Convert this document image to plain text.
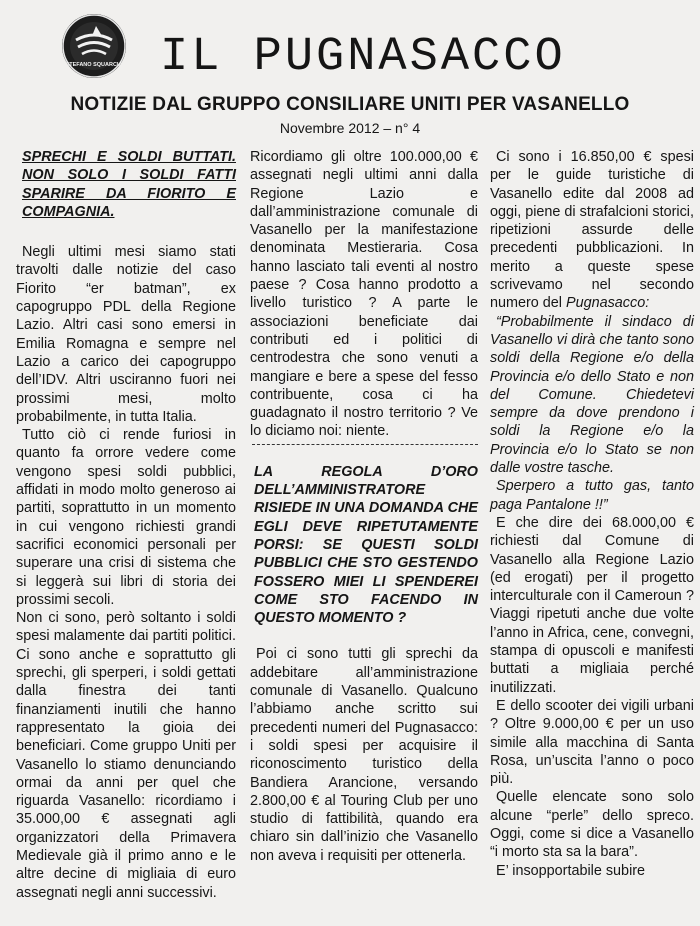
STEFANO SQUARCIA IL PUGNASACCO
NOTIZIE DAL GRUPPO CONSILIARE UNITI PER VASANELLO
Novembre 2012 – n° 4

SPRECHI E SOLDI BUTTATI. NON SOLO I SOLDI FATTI SPARIRE DA FIORITO E COMPAGNIA.

Negli ultimi mesi siamo stati travolti dalle notizie del caso Fiorito “er batman”, ex capogruppo PDL della Regione Lazio. Altri casi sono emersi in Emilia Romagna e sempre nel Lazio a carico dei capogruppo dell’IDV. Altri usciranno fuori nei prossimi mesi, molto probabilmente, in tutta Italia.

Tutto ciò ci rende furiosi in quanto fa orrore vedere come vengono spesi soldi pubblici, affidati in modo molto generoso ai partiti, soprattutto in un momento in cui vengono richiesti grandi sacrifici economici personali per superare una crisi di sistema che si leggerà sui libri di storia dei prossimi secoli.

Non ci sono, però soltanto i soldi spesi malamente dai partiti politici. Ci sono anche e soprattutto gli sprechi, gli sperperi, i soldi gettati dalla finestra dei tanti finanziamenti inutili che hanno rappresentato la gioia dei beneficiari. Come gruppo Uniti per Vasanello lo stiamo denunciando ormai da anni per quel che riguarda Vasanello: ricordiamo i 35.000,00 € assegnati agli organizzatori della Primavera Medievale già il primo anno e le altre decine di migliaia di euro assegnati negli anni successivi.

Ricordiamo gli oltre 100.000,00 € assegnati negli ultimi anni dalla Regione Lazio e dall’amministrazione comunale di Vasanello per la manifestazione denominata Mestieraria. Cosa hanno lasciato tali eventi al nostro paese ? Cosa hanno prodotto a livello turistico ? A parte le associazioni beneficiate dai contributi ed i politici di centrodestra che sono venuti a mangiare e bere a spese del fesso contribuente, cosa ci ha guadagnato il nostro territorio ? Ve lo diciamo noi: niente.

LA REGOLA D’ORO DELL’AMMINISTRATORE RISIEDE IN UNA DOMANDA CHE EGLI DEVE RIPETUTAMENTE PORSI: SE QUESTI SOLDI PUBBLICI CHE STO GESTENDO FOSSERO MIEI LI SPENDEREI COME STO FACENDO IN QUESTO MOMENTO ?

Poi ci sono tutti gli sprechi da addebitare all’amministrazione comunale di Vasanello. Qualcuno l’abbiamo anche scritto sui precedenti numeri del Pugnasacco: i soldi spesi per acquisire il riconoscimento turistico della Bandiera Arancione, versando 2.800,00 € al Touring Club per uno studio di fattibilità, quando era chiaro sin dall’inizio che Vasanello non aveva i requisiti per ottenerla.

Ci sono i 16.850,00 € spesi per le guide turistiche di Vasanello edite dal 2008 ad oggi, piene di strafalcioni storici, ripetizioni assurde delle precedenti pubblicazioni. In merito a queste spese scrivevamo nel secondo numero del Pugnasacco:

“Probabilmente il sindaco di Vasanello vi dirà che tanto sono soldi della Regione e/o della Provincia e/o dello Stato e non del Comune. Chiedetevi sempre da dove prendono i soldi la Regione e/o la Provincia e/o lo Stato se non dalle vostre tasche.

Sperpero a tutto gas, tanto paga Pantalone !!”

E che dire dei 68.000,00 € richiesti dal Comune di Vasanello alla Regione Lazio (ed erogati) per il progetto interculturale con il Cameroun ? Viaggi ripetuti anche due volte l’anno in Africa, cene, convegni, stampa di opuscoli e manifesti buttati a migliaia perché inutilizzati.

E dello scooter dei vigili urbani ? Oltre 9.000,00 € per un uso simile alla macchina di Santa Rosa, un’uscita l’anno o poco più.

Quelle elencate sono solo alcune “perle” dello spreco. Oggi, come si dice a Vasanello “i morto sta sa la bara”.

E’ insopportabile subire
